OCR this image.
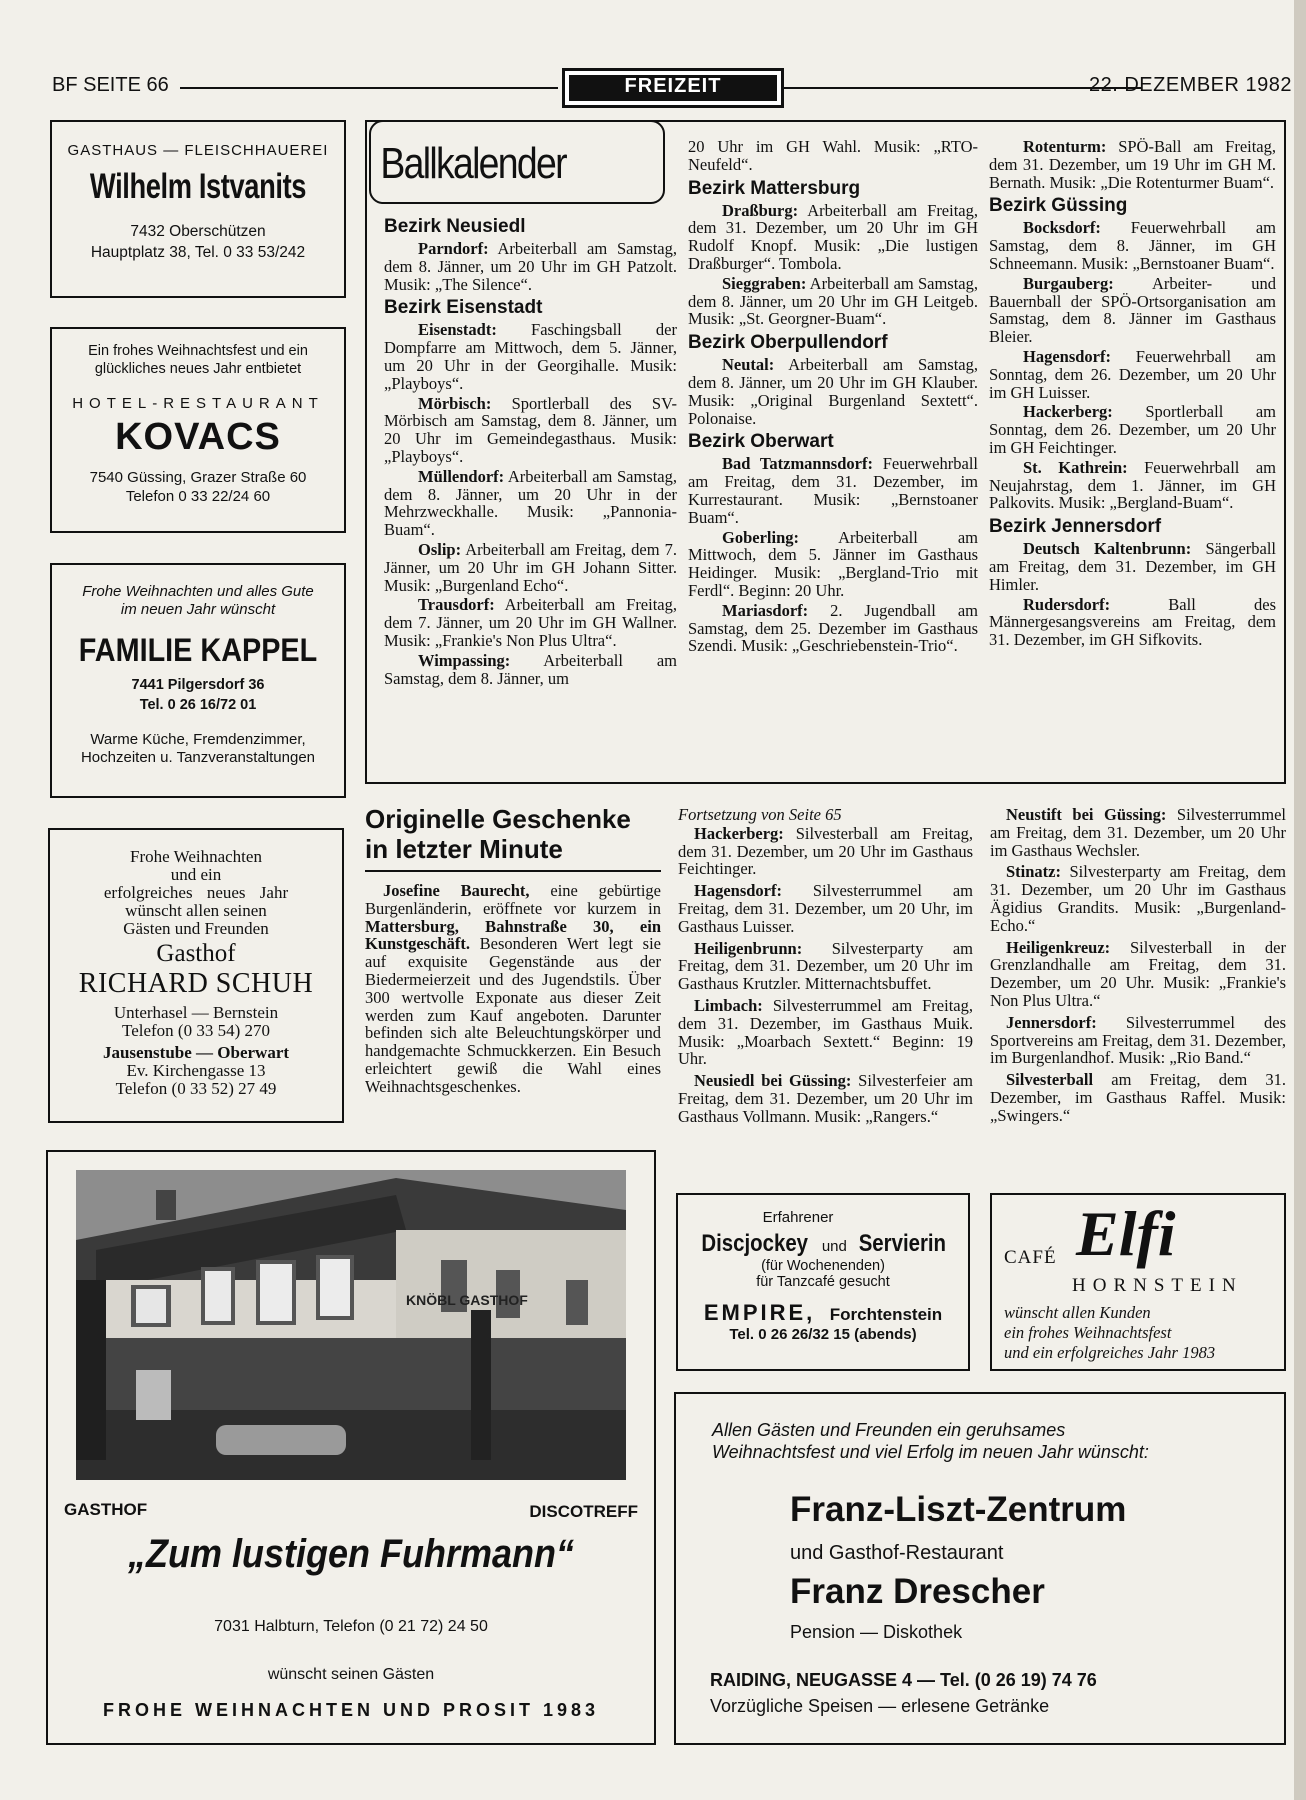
BF SEITE 66	FREIZEIT	22. DEZEMBER 1982
GASTHAUS — FLEISCHHAUEREI
Wilhelm Istvanits
7432 Oberschützen
Hauptplatz 38, Tel. 0 33 53/242
Ein frohes Weihnachtsfest und ein
glückliches neues Jahr entbietet
HOTEL-RESTAURANT
KOVACS
7540 Güssing, Grazer Straße 60
Telefon 0 33 22/24 60
Frohe Weihnachten und alles Gute
im neuen Jahr wünscht
FAMILIE KAPPEL
7441 Pilgersdorf 36
Tel. 0 26 16/72 01
Warme Küche, Fremdenzimmer,
Hochzeiten u. Tanzveranstaltungen
Frohe Weihnachten
und ein
erfolgreiches neues Jahr
wünscht allen seinen
Gästen und Freunden
Gasthof
RICHARD SCHUH
Unterhasel — Bernstein
Telefon (0 33 54) 270
Jausenstube — Oberwart
Ev. Kirchengasse 13
Telefon (0 33 52) 27 49
Ballkalender
Bezirk Neusiedl

Parndorf: Arbeiterball am Samstag, dem 8. Jänner, um 20 Uhr im GH Patzolt. Musik: „The Silence“.

Bezirk Eisenstadt

Eisenstadt: Faschingsball der Dompfarre am Mittwoch, dem 5. Jänner, um 20 Uhr in der Georgihalle. Musik: „Playboys“.

Mörbisch: Sportlerball des SV-Mörbisch am Samstag, dem 8. Jänner, um 20 Uhr im Gemeindegasthaus. Musik: „Playboys“.

Müllendorf: Arbeiterball am Samstag, dem 8. Jänner, um 20 Uhr in der Mehrzweckhalle. Musik: „Pannonia-Buam“.

Oslip: Arbeiterball am Freitag, dem 7. Jänner, um 20 Uhr im GH Johann Sitter. Musik: „Burgenland Echo“.

Trausdorf: Arbeiterball am Freitag, dem 7. Jänner, um 20 Uhr im GH Wallner. Musik: „Frankie's Non Plus Ultra“.

Wimpassing: Arbeiterball am Samstag, dem 8. Jänner, um

20 Uhr im GH Wahl. Musik: „RTO-Neufeld“.

Bezirk Mattersburg

Draßburg: Arbeiterball am Freitag, dem 31. Dezember, um 20 Uhr im GH Rudolf Knopf. Musik: „Die lustigen Draßburger“. Tombola.

Sieggraben: Arbeiterball am Samstag, dem 8. Jänner, um 20 Uhr im GH Leitgeb. Musik: „St. Georgner-Buam“.

Bezirk Oberpullendorf

Neutal: Arbeiterball am Samstag, dem 8. Jänner, um 20 Uhr im GH Klauber. Musik: „Original Burgenland Sextett“. Polonaise.

Bezirk Oberwart

Bad Tatzmannsdorf: Feuerwehrball am Freitag, dem 31. Dezember, im Kurrestaurant. Musik: „Bernstoaner Buam“.

Goberling: Arbeiterball am Mittwoch, dem 5. Jänner im Gasthaus Heidinger. Musik: „Bergland-Trio mit Ferdl“. Beginn: 20 Uhr.

Mariasdorf: 2. Jugendball am Samstag, dem 25. Dezember im Gasthaus Szendi. Musik: „Geschriebenstein-Trio“.

Rotenturm: SPÖ-Ball am Freitag, dem 31. Dezember, um 19 Uhr im GH M. Bernath. Musik: „Die Rotenturmer Buam“.

Bezirk Güssing

Bocksdorf: Feuerwehrball am Samstag, dem 8. Jänner, im GH Schneemann. Musik: „Bernstoaner Buam“.

Burgauberg: Arbeiter- und Bauernball der SPÖ-Ortsorganisation am Samstag, dem 8. Jänner im Gasthaus Bleier.

Hagensdorf: Feuerwehrball am Sonntag, dem 26. Dezember, um 20 Uhr im GH Luisser.

Hackerberg: Sportlerball am Sonntag, dem 26. Dezember, um 20 Uhr im GH Feichtinger.

St. Kathrein: Feuerwehrball am Neujahrstag, dem 1. Jänner, im GH Palkovits. Musik: „Bergland-Buam“.

Bezirk Jennersdorf

Deutsch Kaltenbrunn: Sängerball am Freitag, dem 31. Dezember, im GH Himler.

Rudersdorf:	Ball des Männergesangsvereins am Freitag, dem 31. Dezember, im GH Sifkovits.

Originelle Geschenke
in letzter Minute
Josefine Baurecht, eine gebürtige Burgenländerin, eröffnete vor kurzem in Mattersburg, Bahnstraße 30, ein Kunstgeschäft. Besonderen Wert legt sie auf exquisite Gegenstände aus der Biedermeierzeit und des Jugendstils. Über 300 wertvolle Exponate aus dieser Zeit werden zum Kauf angeboten. Darunter befinden sich alte Beleuchtungskörper und handgemachte Schmuckkerzen. Ein Besuch erleichtert gewiß die Wahl eines Weihnachtsgeschenkes.

Fortsetzung von Seite 65

Hackerberg: Silvesterball am Freitag, dem 31. Dezember, um 20 Uhr im Gasthaus Feichtinger.

Hagensdorf: Silvesterrummel am Freitag, dem 31. Dezember, um 20 Uhr, im Gasthaus Luisser.

Heiligenbrunn: Silvesterparty am Freitag, dem 31. Dezember, um 20 Uhr im Gasthaus Krutzler. Mitternachtsbuffet.

Limbach: Silvesterrummel am Freitag, dem 31. Dezember, im Gasthaus Muik. Musik: „Moarbach Sextett.“ Beginn: 19 Uhr.

Neusiedl bei Güssing: Silvesterfeier am Freitag, dem 31. Dezember, um 20 Uhr im Gasthaus Vollmann. Musik: „Rangers.“

Neustift bei Güssing: Silvesterrummel am Freitag, dem 31. Dezember, um 20 Uhr im Gasthaus Wechsler.

Stinatz: Silvesterparty am Freitag, dem 31. Dezember, um 20 Uhr im Gasthaus Ägidius Grandits. Musik: „Burgenland-Echo.“

Heiligenkreuz: Silvesterball in der Grenzlandhalle am Freitag, dem 31. Dezember, um 20 Uhr. Musik: „Frankie's Non Plus Ultra.“

Jennersdorf: Silvesterrummel des Sportvereins am Freitag, dem 31. Dezember, im Burgenlandhof. Musik: „Rio Band.“

Silvesterball am Freitag, dem 31. Dezember, im Gasthaus Raffel. Musik: „Swingers.“

KNÖBL GASTHOF
GASTHOF	DISCOTREFF
„Zum lustigen Fuhrmann“
7031 Halbturn, Telefon (0 21 72) 24 50
wünscht seinen Gästen
FROHE WEIHNACHTEN UND PROSIT 1983
Erfahrener
Discjockey und Servierin
(für Wochenenden)
für Tanzcafé gesucht
EMPIRE, Forchtenstein
Tel. 0 26 26/32 15 (abends)
CAFÉ Elfi
HORNSTEIN
wünscht allen Kunden
ein frohes Weihnachtsfest
und ein erfolgreiches Jahr 1983
Allen Gästen und Freunden ein geruhsames
Weihnachtsfest und viel Erfolg im neuen Jahr wünscht:
Franz-Liszt-Zentrum
und Gasthof-Restaurant
Franz Drescher
Pension — Diskothek
RAIDING, NEUGASSE 4 — Tel. (0 26 19) 74 76
Vorzügliche Speisen — erlesene Getränke
